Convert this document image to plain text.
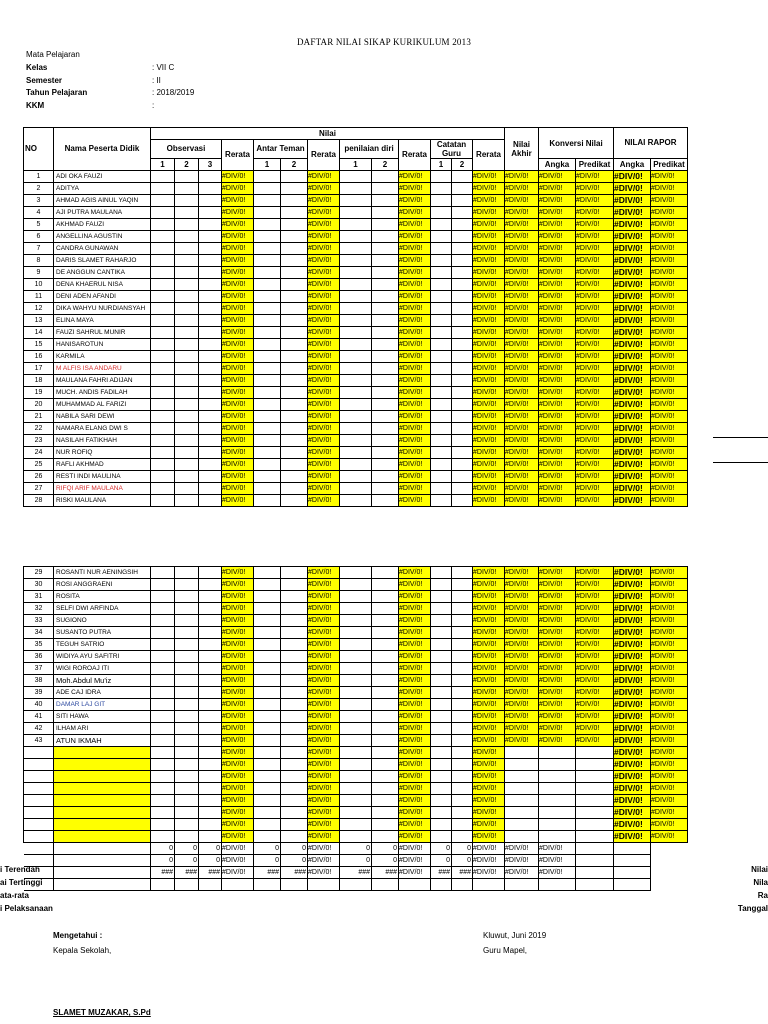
DAFTAR NILAI SIKAP KURIKULUM 2013
Mata Pelajaran
Kelas	: VII C
Semester	: II
Tahun Pelajaran	: 2018/2019
KKM	:
NO	Nama Peserta Didik	Nilai													Nilai Akhir	Konversi Nilai		NILAI RAPOR	
		Observasi			Rerata	Antar Teman		Rerata	penilaian diri		Rerata	Catatan Guru		Rerata					
		1	2	3		1	2		1	2		1	2			Angka	Predikat	Angka	Predikat
1	ADI OKA FAUZI				#DIV/0!			#DIV/0!			#DIV/0!			#DIV/0!	#DIV/0!	#DIV/0!	#DIV/0!	#DIV/0!	#DIV/0!
2	ADITYA				#DIV/0!			#DIV/0!			#DIV/0!			#DIV/0!	#DIV/0!	#DIV/0!	#DIV/0!	#DIV/0!	#DIV/0!
3	AHMAD AGIS AINUL YAQIN				#DIV/0!			#DIV/0!			#DIV/0!			#DIV/0!	#DIV/0!	#DIV/0!	#DIV/0!	#DIV/0!	#DIV/0!
4	AJI PUTRA MAULANA				#DIV/0!			#DIV/0!			#DIV/0!			#DIV/0!	#DIV/0!	#DIV/0!	#DIV/0!	#DIV/0!	#DIV/0!
5	AKHMAD FAUZI				#DIV/0!			#DIV/0!			#DIV/0!			#DIV/0!	#DIV/0!	#DIV/0!	#DIV/0!	#DIV/0!	#DIV/0!
6	ANGELLINA AGUSTIN				#DIV/0!			#DIV/0!			#DIV/0!			#DIV/0!	#DIV/0!	#DIV/0!	#DIV/0!	#DIV/0!	#DIV/0!
7	CANDRA GUNAWAN				#DIV/0!			#DIV/0!			#DIV/0!			#DIV/0!	#DIV/0!	#DIV/0!	#DIV/0!	#DIV/0!	#DIV/0!
8	DARIS SLAMET RAHARJO				#DIV/0!			#DIV/0!			#DIV/0!			#DIV/0!	#DIV/0!	#DIV/0!	#DIV/0!	#DIV/0!	#DIV/0!
9	DE ANGGUN CANTIKA				#DIV/0!			#DIV/0!			#DIV/0!			#DIV/0!	#DIV/0!	#DIV/0!	#DIV/0!	#DIV/0!	#DIV/0!
10	DENA KHAERUL NISA				#DIV/0!			#DIV/0!			#DIV/0!			#DIV/0!	#DIV/0!	#DIV/0!	#DIV/0!	#DIV/0!	#DIV/0!
11	DENI ADEN AFANDI				#DIV/0!			#DIV/0!			#DIV/0!			#DIV/0!	#DIV/0!	#DIV/0!	#DIV/0!	#DIV/0!	#DIV/0!
12	DIKA WAHYU NURDIANSYAH				#DIV/0!			#DIV/0!			#DIV/0!			#DIV/0!	#DIV/0!	#DIV/0!	#DIV/0!	#DIV/0!	#DIV/0!
13	ELINA MAYA				#DIV/0!			#DIV/0!			#DIV/0!			#DIV/0!	#DIV/0!	#DIV/0!	#DIV/0!	#DIV/0!	#DIV/0!
14	FAUZI SAHRUL MUNIR				#DIV/0!			#DIV/0!			#DIV/0!			#DIV/0!	#DIV/0!	#DIV/0!	#DIV/0!	#DIV/0!	#DIV/0!
15	HANISAROTUN				#DIV/0!			#DIV/0!			#DIV/0!			#DIV/0!	#DIV/0!	#DIV/0!	#DIV/0!	#DIV/0!	#DIV/0!
16	KARMILA				#DIV/0!			#DIV/0!			#DIV/0!			#DIV/0!	#DIV/0!	#DIV/0!	#DIV/0!	#DIV/0!	#DIV/0!
17	M ALFIS ISA ANDARU				#DIV/0!			#DIV/0!			#DIV/0!			#DIV/0!	#DIV/0!	#DIV/0!	#DIV/0!	#DIV/0!	#DIV/0!
18	MAULANA FAHRI ADIJAN				#DIV/0!			#DIV/0!			#DIV/0!			#DIV/0!	#DIV/0!	#DIV/0!	#DIV/0!	#DIV/0!	#DIV/0!
19	MUCH. ANDIS FADILAH				#DIV/0!			#DIV/0!			#DIV/0!			#DIV/0!	#DIV/0!	#DIV/0!	#DIV/0!	#DIV/0!	#DIV/0!
20	MUHAMMAD AL FARIZI				#DIV/0!			#DIV/0!			#DIV/0!			#DIV/0!	#DIV/0!	#DIV/0!	#DIV/0!	#DIV/0!	#DIV/0!
21	NABILA SARI DEWI				#DIV/0!			#DIV/0!			#DIV/0!			#DIV/0!	#DIV/0!	#DIV/0!	#DIV/0!	#DIV/0!	#DIV/0!
22	NAMARA ELANG DWI S				#DIV/0!			#DIV/0!			#DIV/0!			#DIV/0!	#DIV/0!	#DIV/0!	#DIV/0!	#DIV/0!	#DIV/0!
23	NASILAH FATIKHAH				#DIV/0!			#DIV/0!			#DIV/0!			#DIV/0!	#DIV/0!	#DIV/0!	#DIV/0!	#DIV/0!	#DIV/0!
24	NUR ROFIQ				#DIV/0!			#DIV/0!			#DIV/0!			#DIV/0!	#DIV/0!	#DIV/0!	#DIV/0!	#DIV/0!	#DIV/0!
25	RAFLI AKHMAD				#DIV/0!			#DIV/0!			#DIV/0!			#DIV/0!	#DIV/0!	#DIV/0!	#DIV/0!	#DIV/0!	#DIV/0!
26	RESTI INDI MAULINA				#DIV/0!			#DIV/0!			#DIV/0!			#DIV/0!	#DIV/0!	#DIV/0!	#DIV/0!	#DIV/0!	#DIV/0!
27	RIFQI ARIF MAULANA				#DIV/0!			#DIV/0!			#DIV/0!			#DIV/0!	#DIV/0!	#DIV/0!	#DIV/0!	#DIV/0!	#DIV/0!
28	RISKI MAULANA				#DIV/0!			#DIV/0!			#DIV/0!			#DIV/0!	#DIV/0!	#DIV/0!	#DIV/0!	#DIV/0!	#DIV/0!
29	ROSANTI NUR AENINGSIH				#DIV/0!			#DIV/0!			#DIV/0!			#DIV/0!	#DIV/0!	#DIV/0!	#DIV/0!	#DIV/0!	#DIV/0!	
30	ROSI ANGGRAENI				#DIV/0!			#DIV/0!			#DIV/0!			#DIV/0!	#DIV/0!	#DIV/0!	#DIV/0!	#DIV/0!	#DIV/0!	
31	ROSITA				#DIV/0!			#DIV/0!			#DIV/0!			#DIV/0!	#DIV/0!	#DIV/0!	#DIV/0!	#DIV/0!	#DIV/0!	
32	SELFI DWI ARFINDA				#DIV/0!			#DIV/0!			#DIV/0!			#DIV/0!	#DIV/0!	#DIV/0!	#DIV/0!	#DIV/0!	#DIV/0!	
33	SUGIONO				#DIV/0!			#DIV/0!			#DIV/0!			#DIV/0!	#DIV/0!	#DIV/0!	#DIV/0!	#DIV/0!	#DIV/0!	
34	SUSANTO PUTRA				#DIV/0!			#DIV/0!			#DIV/0!			#DIV/0!	#DIV/0!	#DIV/0!	#DIV/0!	#DIV/0!	#DIV/0!	
35	TEGUH SATRIO				#DIV/0!			#DIV/0!			#DIV/0!			#DIV/0!	#DIV/0!	#DIV/0!	#DIV/0!	#DIV/0!	#DIV/0!	
36	WIDIYA AYU SAFITRI				#DIV/0!			#DIV/0!			#DIV/0!			#DIV/0!	#DIV/0!	#DIV/0!	#DIV/0!	#DIV/0!	#DIV/0!	
37	WIGI ROROAJ ITI				#DIV/0!			#DIV/0!			#DIV/0!			#DIV/0!	#DIV/0!	#DIV/0!	#DIV/0!	#DIV/0!	#DIV/0!	
38	Moh.Abdul Mu'iz				#DIV/0!			#DIV/0!			#DIV/0!			#DIV/0!	#DIV/0!	#DIV/0!	#DIV/0!	#DIV/0!	#DIV/0!	
39	ADE CAJ IDRA				#DIV/0!			#DIV/0!			#DIV/0!			#DIV/0!	#DIV/0!	#DIV/0!	#DIV/0!	#DIV/0!	#DIV/0!	
40	DAMAR LAJ GIT				#DIV/0!			#DIV/0!			#DIV/0!			#DIV/0!	#DIV/0!	#DIV/0!	#DIV/0!	#DIV/0!	#DIV/0!	
41	SITI HAWA				#DIV/0!			#DIV/0!			#DIV/0!			#DIV/0!	#DIV/0!	#DIV/0!	#DIV/0!	#DIV/0!	#DIV/0!	
42	ILHAM ARI				#DIV/0!			#DIV/0!			#DIV/0!			#DIV/0!	#DIV/0!	#DIV/0!	#DIV/0!	#DIV/0!	#DIV/0!	
43	ATUN IKMAH				#DIV/0!			#DIV/0!			#DIV/0!			#DIV/0!	#DIV/0!	#DIV/0!	#DIV/0!	#DIV/0!	#DIV/0!	
					#DIV/0!			#DIV/0!			#DIV/0!			#DIV/0!				#DIV/0!	#DIV/0!	
					#DIV/0!			#DIV/0!			#DIV/0!			#DIV/0!				#DIV/0!	#DIV/0!	
					#DIV/0!			#DIV/0!			#DIV/0!			#DIV/0!				#DIV/0!	#DIV/0!	
					#DIV/0!			#DIV/0!			#DIV/0!			#DIV/0!				#DIV/0!	#DIV/0!	
					#DIV/0!			#DIV/0!			#DIV/0!			#DIV/0!				#DIV/0!	#DIV/0!	
					#DIV/0!			#DIV/0!			#DIV/0!			#DIV/0!				#DIV/0!	#DIV/0!	
					#DIV/0!			#DIV/0!			#DIV/0!			#DIV/0!				#DIV/0!	#DIV/0!	
					#DIV/0!			#DIV/0!			#DIV/0!			#DIV/0!				#DIV/0!	#DIV/0!	
		0	0	0	#DIV/0!	0	0	#DIV/0!	0	0	#DIV/0!	0	0	#DIV/0!	#DIV/0!	#DIV/0!				
		0	0	0	#DIV/0!	0	0	#DIV/0!	0	0	#DIV/0!	0	0	#DIV/0!	#DIV/0!	#DIV/0!				
		###	###	###	#DIV/0!	###	###	#DIV/0!	###	###	#DIV/0!	###	###	#DIV/0!	#DIV/0!	#DIV/0!				

i Terendah	Nilai
ai Tertinggi	Nila
ata-rata	Ra
i Pelaksanaan	Tanggal
Mengetahui :
Kepala Sekolah,
Kluwut, Juni 2019
Guru Mapel,
SLAMET MUZAKAR, S.Pd
